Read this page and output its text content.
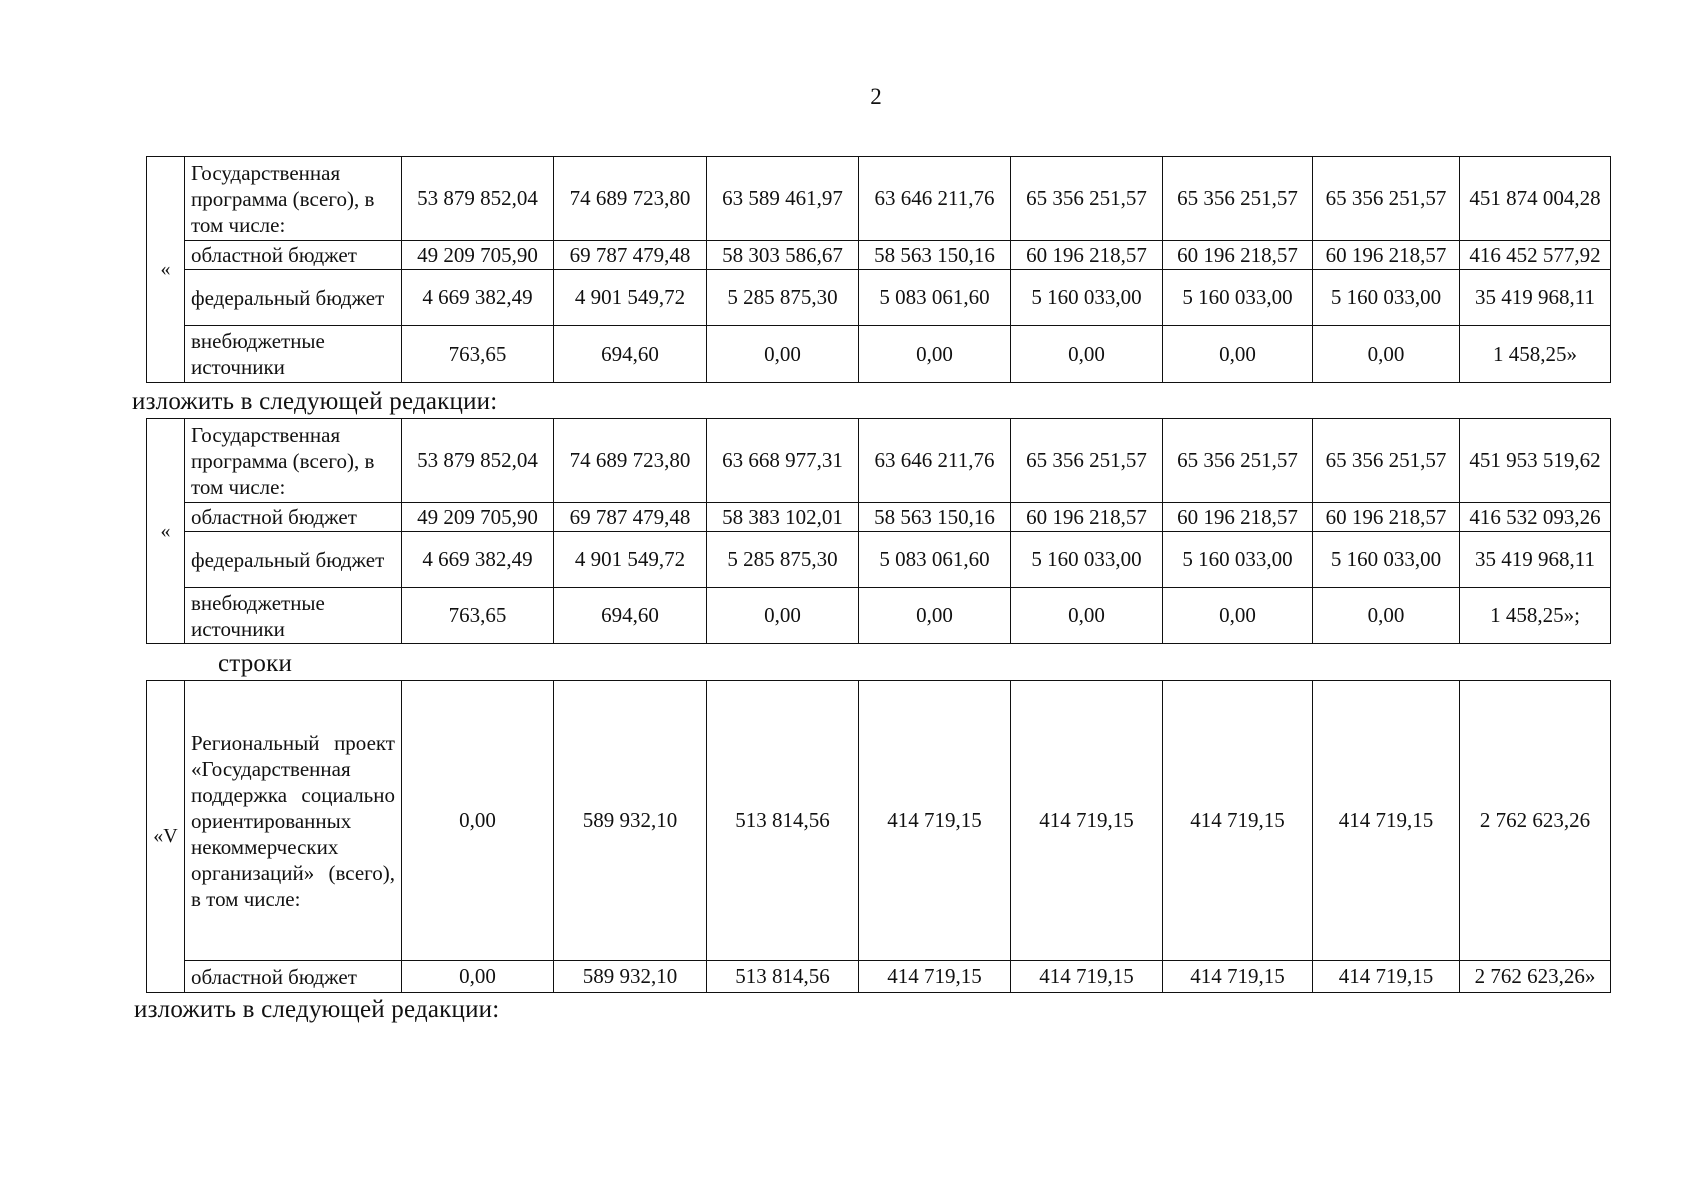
2
«	Государственная программа (всего), в том числе:	53 879 852,04	74 689 723,80	63 589 461,97	63 646 211,76	65 356 251,57	65 356 251,57	65 356 251,57	451 874 004,28
	областной бюджет	49 209 705,90	69 787 479,48	58 303 586,67	58 563 150,16	60 196 218,57	60 196 218,57	60 196 218,57	416 452 577,92
	федеральный бюджет	4 669 382,49	4 901 549,72	5 285 875,30	5 083 061,60	5 160 033,00	5 160 033,00	5 160 033,00	35 419 968,11
	внебюджетные источники	763,65	694,60	0,00	0,00	0,00	0,00	0,00	1 458,25»
изложить в следующей редакции:
«	Государственная программа (всего), в том числе:	53 879 852,04	74 689 723,80	63 668 977,31	63 646 211,76	65 356 251,57	65 356 251,57	65 356 251,57	451 953 519,62
	областной бюджет	49 209 705,90	69 787 479,48	58 383 102,01	58 563 150,16	60 196 218,57	60 196 218,57	60 196 218,57	416 532 093,26
	федеральный бюджет	4 669 382,49	4 901 549,72	5 285 875,30	5 083 061,60	5 160 033,00	5 160 033,00	5 160 033,00	35 419 968,11
	внебюджетные источники	763,65	694,60	0,00	0,00	0,00	0,00	0,00	1 458,25»;
строки
«V	Региональный проект «Государственная поддержка социально ориентированных некоммерческих организаций» (всего), в том числе:	0,00	589 932,10	513 814,56	414 719,15	414 719,15	414 719,15	414 719,15	2 762 623,26
	областной бюджет	0,00	589 932,10	513 814,56	414 719,15	414 719,15	414 719,15	414 719,15	2 762 623,26»
изложить в следующей редакции:
